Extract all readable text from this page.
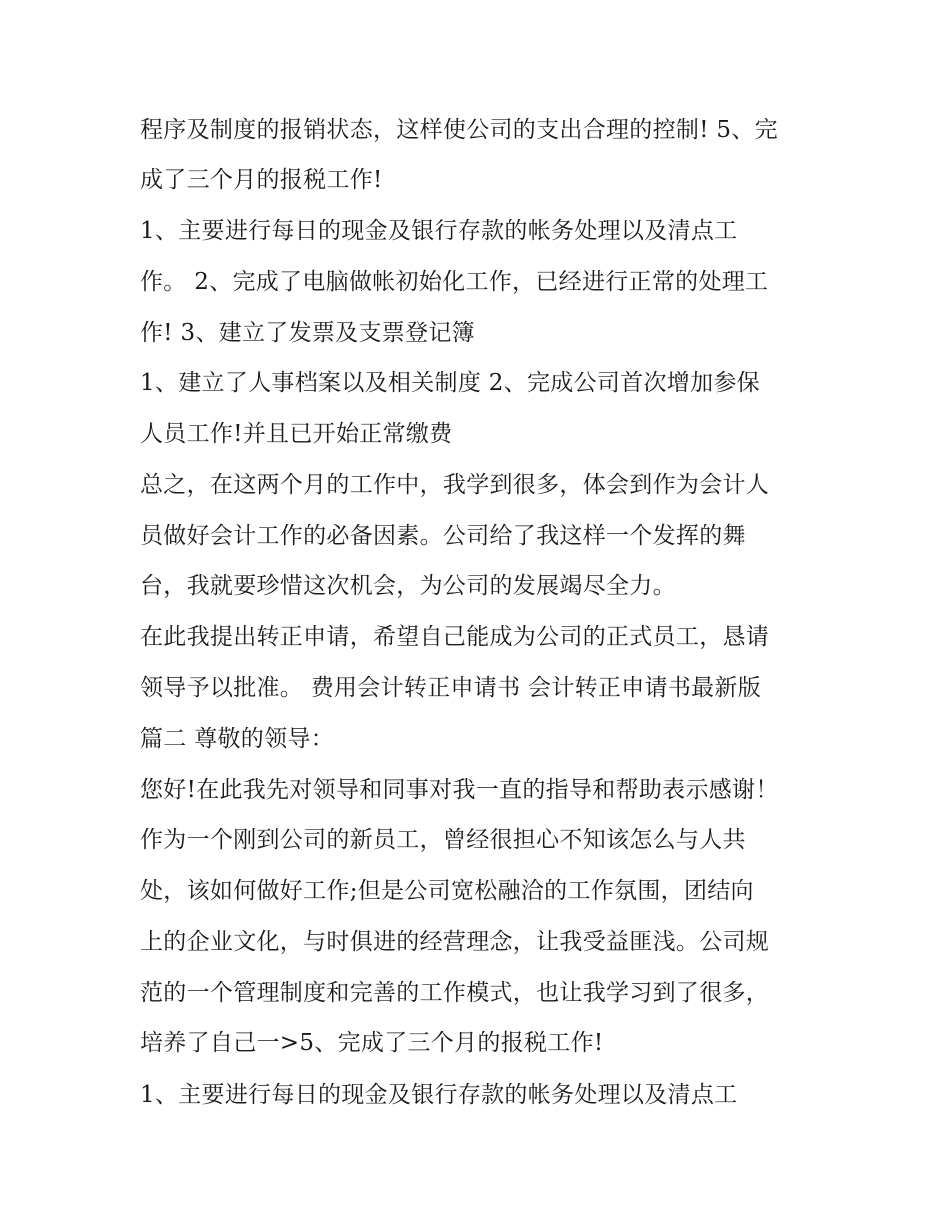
程序及制度的报销状态，这样使公司的支出合理的控制! 5、完
成了三个月的报税工作!
1、主要进行每日的现金及银行存款的帐务处理以及清点工
作。 2、完成了电脑做帐初始化工作，已经进行正常的处理工
作! 3、建立了发票及支票登记簿
1、建立了人事档案以及相关制度 2、完成公司首次增加参保
人员工作!并且已开始正常缴费
总之，在这两个月的工作中，我学到很多，体会到作为会计人
员做好会计工作的必备因素。公司给了我这样一个发挥的舞
台，我就要珍惜这次机会，为公司的发展竭尽全力。
在此我提出转正申请，希望自己能成为公司的正式员工，恳请
领导予以批准。 费用会计转正申请书 会计转正申请书最新版
篇二 尊敬的领导：
您好!在此我先对领导和同事对我一直的指导和帮助表示感谢！
作为一个刚到公司的新员工，曾经很担心不知该怎么与人共
处，该如何做好工作;但是公司宽松融洽的工作氛围，团结向
上的企业文化，与时俱进的经营理念，让我受益匪浅。公司规
范的一个管理制度和完善的工作模式，也让我学习到了很多，
培养了自己一>5、完成了三个月的报税工作!
1、主要进行每日的现金及银行存款的帐务处理以及清点工
